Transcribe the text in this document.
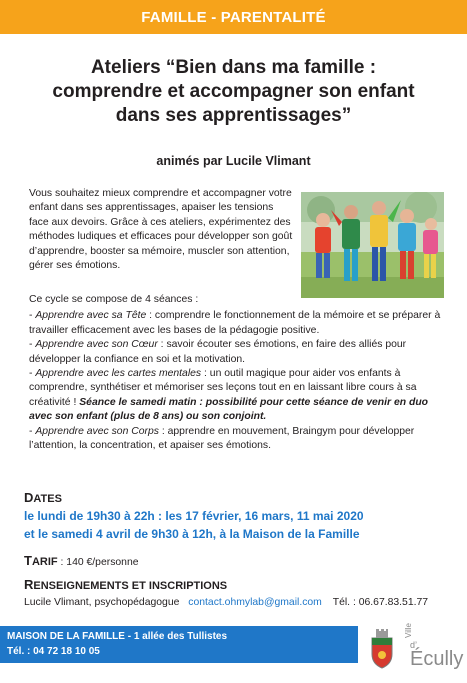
FAMILLE - PARENTALITÉ
Ateliers “Bien dans ma famille :
comprendre et accompagner son enfant
dans ses apprentissages”
animés par Lucile Vlimant
Vous souhaitez mieux comprendre et accompagner votre enfant dans ses apprentissages, apaiser les tensions face aux devoirs. Grâce à ces ateliers, expérimentez des méthodes ludiques et efficaces pour développer son goût d’apprendre, booster sa mémoire, muscler son attention, gérer ses émotions.

Ce cycle se compose de 4 séances :

- Apprendre avec sa Tête : comprendre le fonctionnement de la mémoire et se préparer à travailler efficacement avec les bases de la pédagogie positive.

- Apprendre avec son Cœur : savoir écouter ses émotions, en faire des alliés pour développer la confiance en soi et la motivation.

- Apprendre avec les cartes mentales : un outil magique pour aider vos enfants à comprendre, synthétiser et mémoriser ses leçons tout en en laissant libre cours à sa créativité ! Séance le samedi matin : possibilité pour cette séance de venir en duo avec son enfant (plus de 8 ans) ou son conjoint.

- Apprendre avec son Corps : apprendre en mouvement, Braingym pour développer l’attention, la concentration, et apaiser ses émotions.

DATES
le lundi de 19h30 à 22h : les 17 février, 16 mars, 11 mai 2020
et le samedi 4 avril de 9h30 à 12h, à la Maison de la Famille
TARIF : 140 €/personne
RENSEIGNEMENTS ET INSCRIPTIONS
Lucile Vlimant, psychopédagogue contact.ohmylab@gmail.com Tél. : 06.67.83.51.77
MAISON DE LA FAMILLE - 1 allée des Tullistes
Tél. : 04 72 18 10 05
Ville
d’
Écully
